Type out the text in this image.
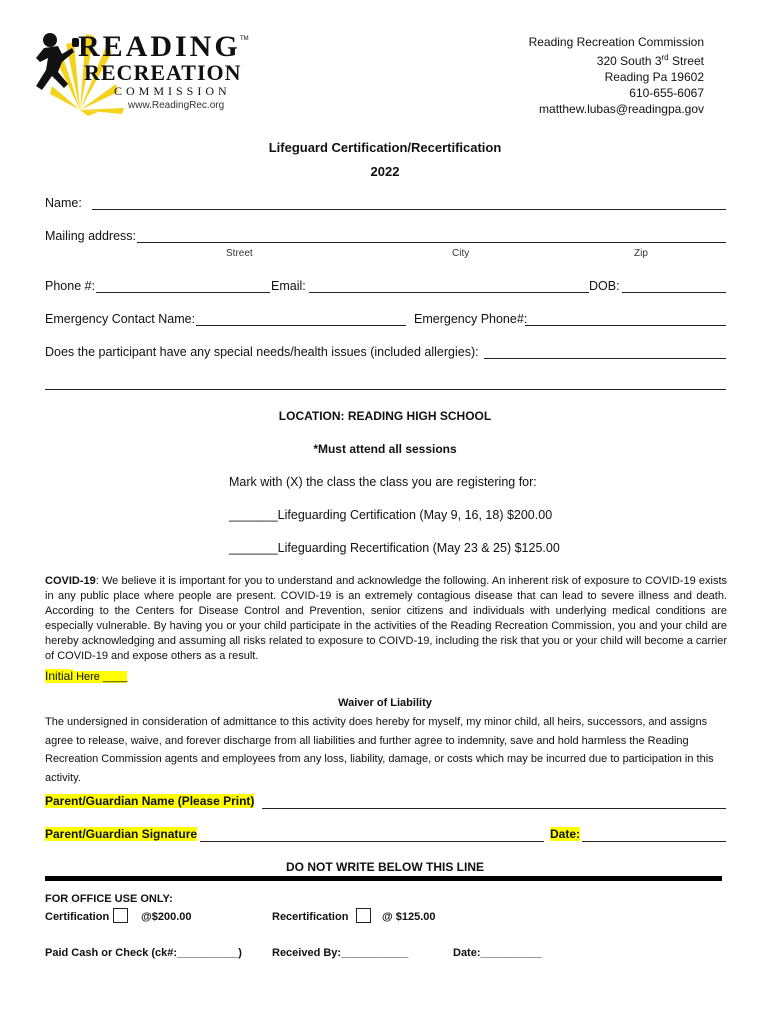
READING TM
RECREATION
COMMISSION
www.ReadingRec.org
Reading Recreation Commission
320 South 3rd Street
Reading Pa 19602
610-655-6067
matthew.lubas@readingpa.gov
Lifeguard Certification/Recertification
2022
Name:
Mailing address:
Street	City	Zip
Phone #:	Email:	DOB:
Emergency Contact Name:	Emergency Phone#:
Does the participant have any special needs/health issues (included allergies):
LOCATION: READING HIGH SCHOOL
*Must attend all sessions
Mark with (X) the class the class you are registering for:
_______Lifeguarding Certification (May 9, 16, 18) $200.00
_______Lifeguarding Recertification (May 23 & 25) $125.00
COVID-19: We believe it is important for you to understand and acknowledge the following. An inherent risk of exposure to COVID-19 exists in any public place where people are present. COVID-19 is an extremely contagious disease that can lead to severe illness and death. According to the Centers for Disease Control and Prevention, senior citizens and individuals with underlying medical conditions are especially vulnerable. By having you or your child participate in the activities of the Reading Recreation Commission, you and your child are hereby acknowledging and assuming all risks related to exposure to COIVD-19, including the risk that you or your child will become a carrier of COVID-19 and expose others as a result.
Initial Here ____
Waiver of Liability
The undersigned in consideration of admittance to this activity does hereby for myself, my minor child, all heirs, successors, and assigns agree to release, waive, and forever discharge from all liabilities and further agree to indemnity, save and hold harmless the Reading Recreation Commission agents and employees from any loss, liability, damage, or costs which may be incurred due to participation in this activity.
Parent/Guardian Name (Please Print)
Parent/Guardian Signature	Date:
DO NOT WRITE BELOW THIS LINE
FOR OFFICE USE ONLY:
Certification	@$200.00	Recertification	@ $125.00
Paid Cash or Check (ck#:__________)	Received By:___________	Date:__________
